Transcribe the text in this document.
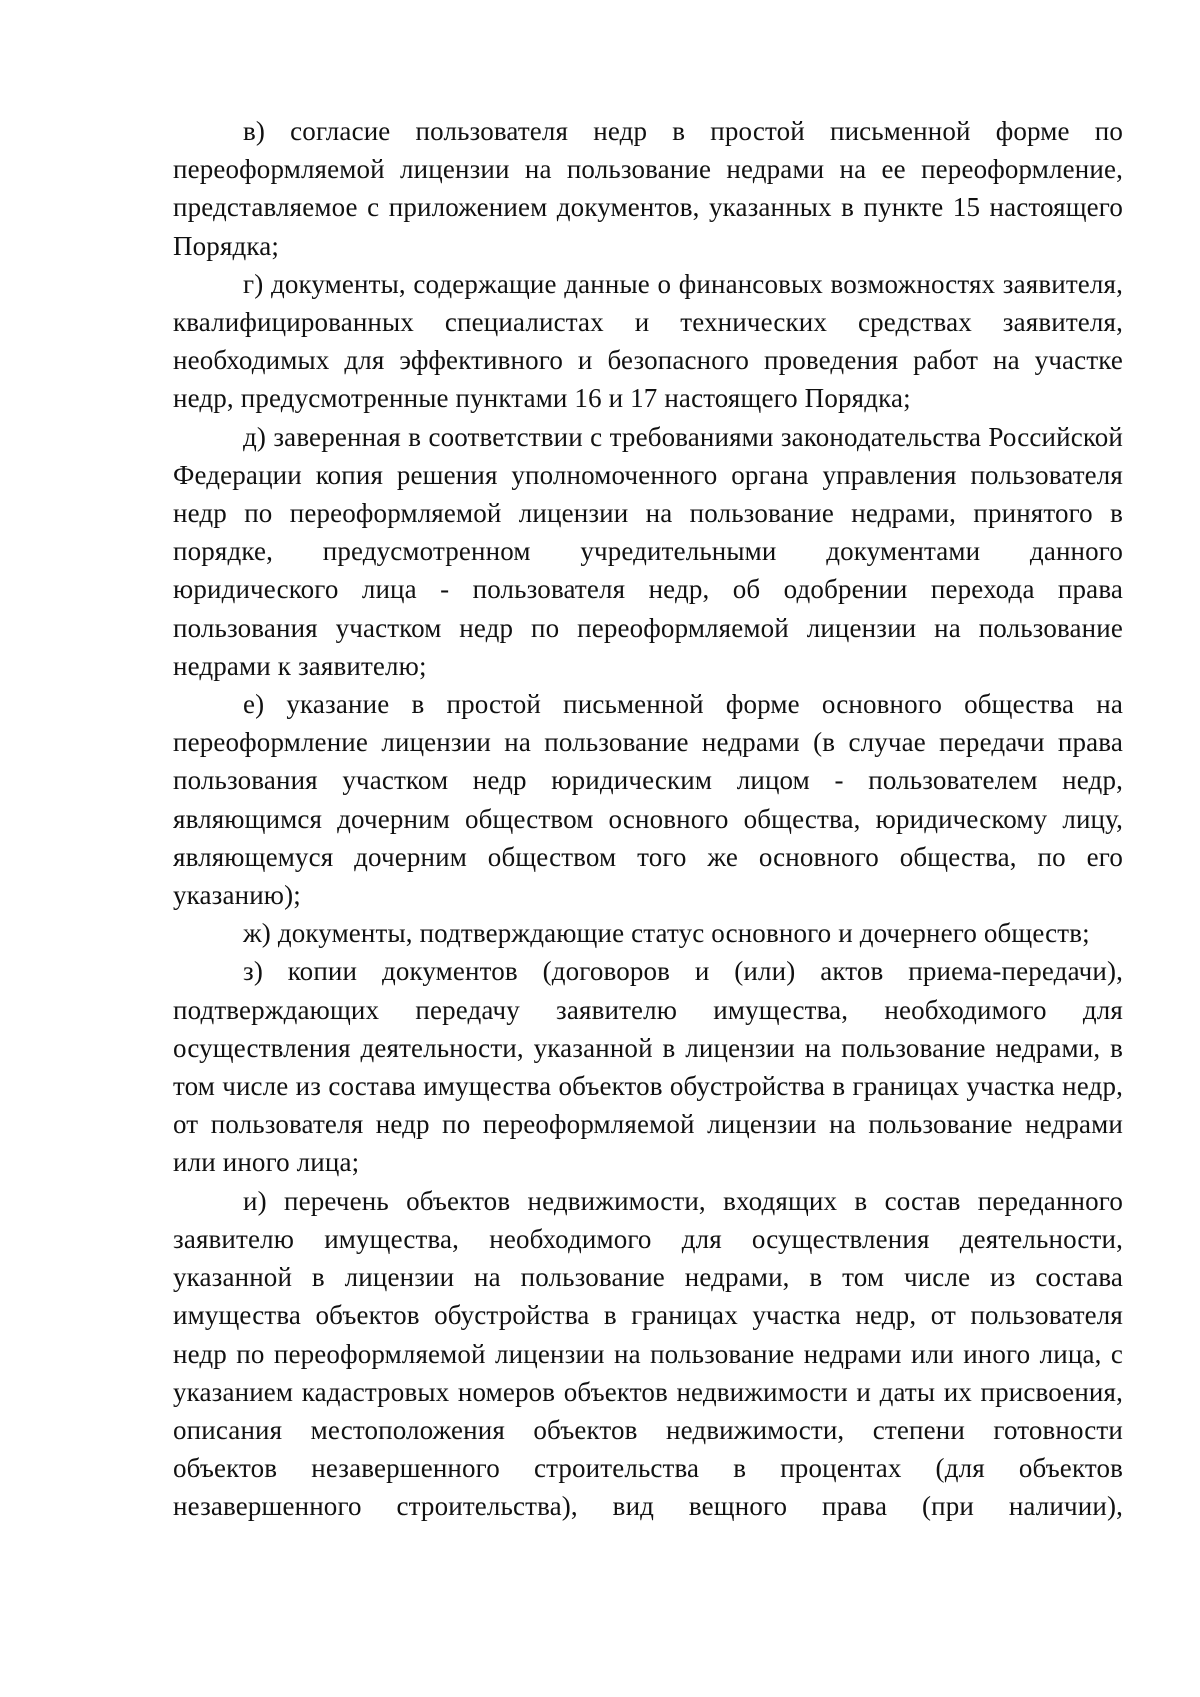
в) согласие пользователя недр в простой письменной форме по переоформляемой лицензии на пользование недрами на ее переоформление, представляемое с приложением документов, указанных в пункте 15 настоящего Порядка;

г) документы, содержащие данные о финансовых возможностях заявителя, квалифицированных специалистах и технических средствах заявителя, необходимых для эффективного и безопасного проведения работ на участке недр, предусмотренные пунктами 16 и 17 настоящего Порядка;

д) заверенная в соответствии с требованиями законодательства Российской Федерации копия решения уполномоченного органа управления пользователя недр по переоформляемой лицензии на пользование недрами, принятого в порядке, предусмотренном учредительными документами данного юридического лица - пользователя недр, об одобрении перехода права пользования участком недр по переоформляемой лицензии на пользование недрами к заявителю;

е) указание в простой письменной форме основного общества на переоформление лицензии на пользование недрами (в случае передачи права пользования участком недр юридическим лицом - пользователем недр, являющимся дочерним обществом основного общества, юридическому лицу, являющемуся дочерним обществом того же основного общества, по его указанию);

ж) документы, подтверждающие статус основного и дочернего обществ;

з) копии документов (договоров и (или) актов приема-передачи), подтверждающих передачу заявителю имущества, необходимого для осуществления деятельности, указанной в лицензии на пользование недрами, в том числе из состава имущества объектов обустройства в границах участка недр, от пользователя недр по переоформляемой лицензии на пользование недрами или иного лица;

и) перечень объектов недвижимости, входящих в состав переданного заявителю имущества, необходимого для осуществления деятельности, указанной в лицензии на пользование недрами, в том числе из состава имущества объектов обустройства в границах участка недр, от пользователя недр по переоформляемой лицензии на пользование недрами или иного лица, с указанием кадастровых номеров объектов недвижимости и даты их присвоения, описания местоположения объектов недвижимости, степени готовности объектов незавершенного строительства в процентах (для объектов незавершенного строительства), вид вещного права (при наличии),
